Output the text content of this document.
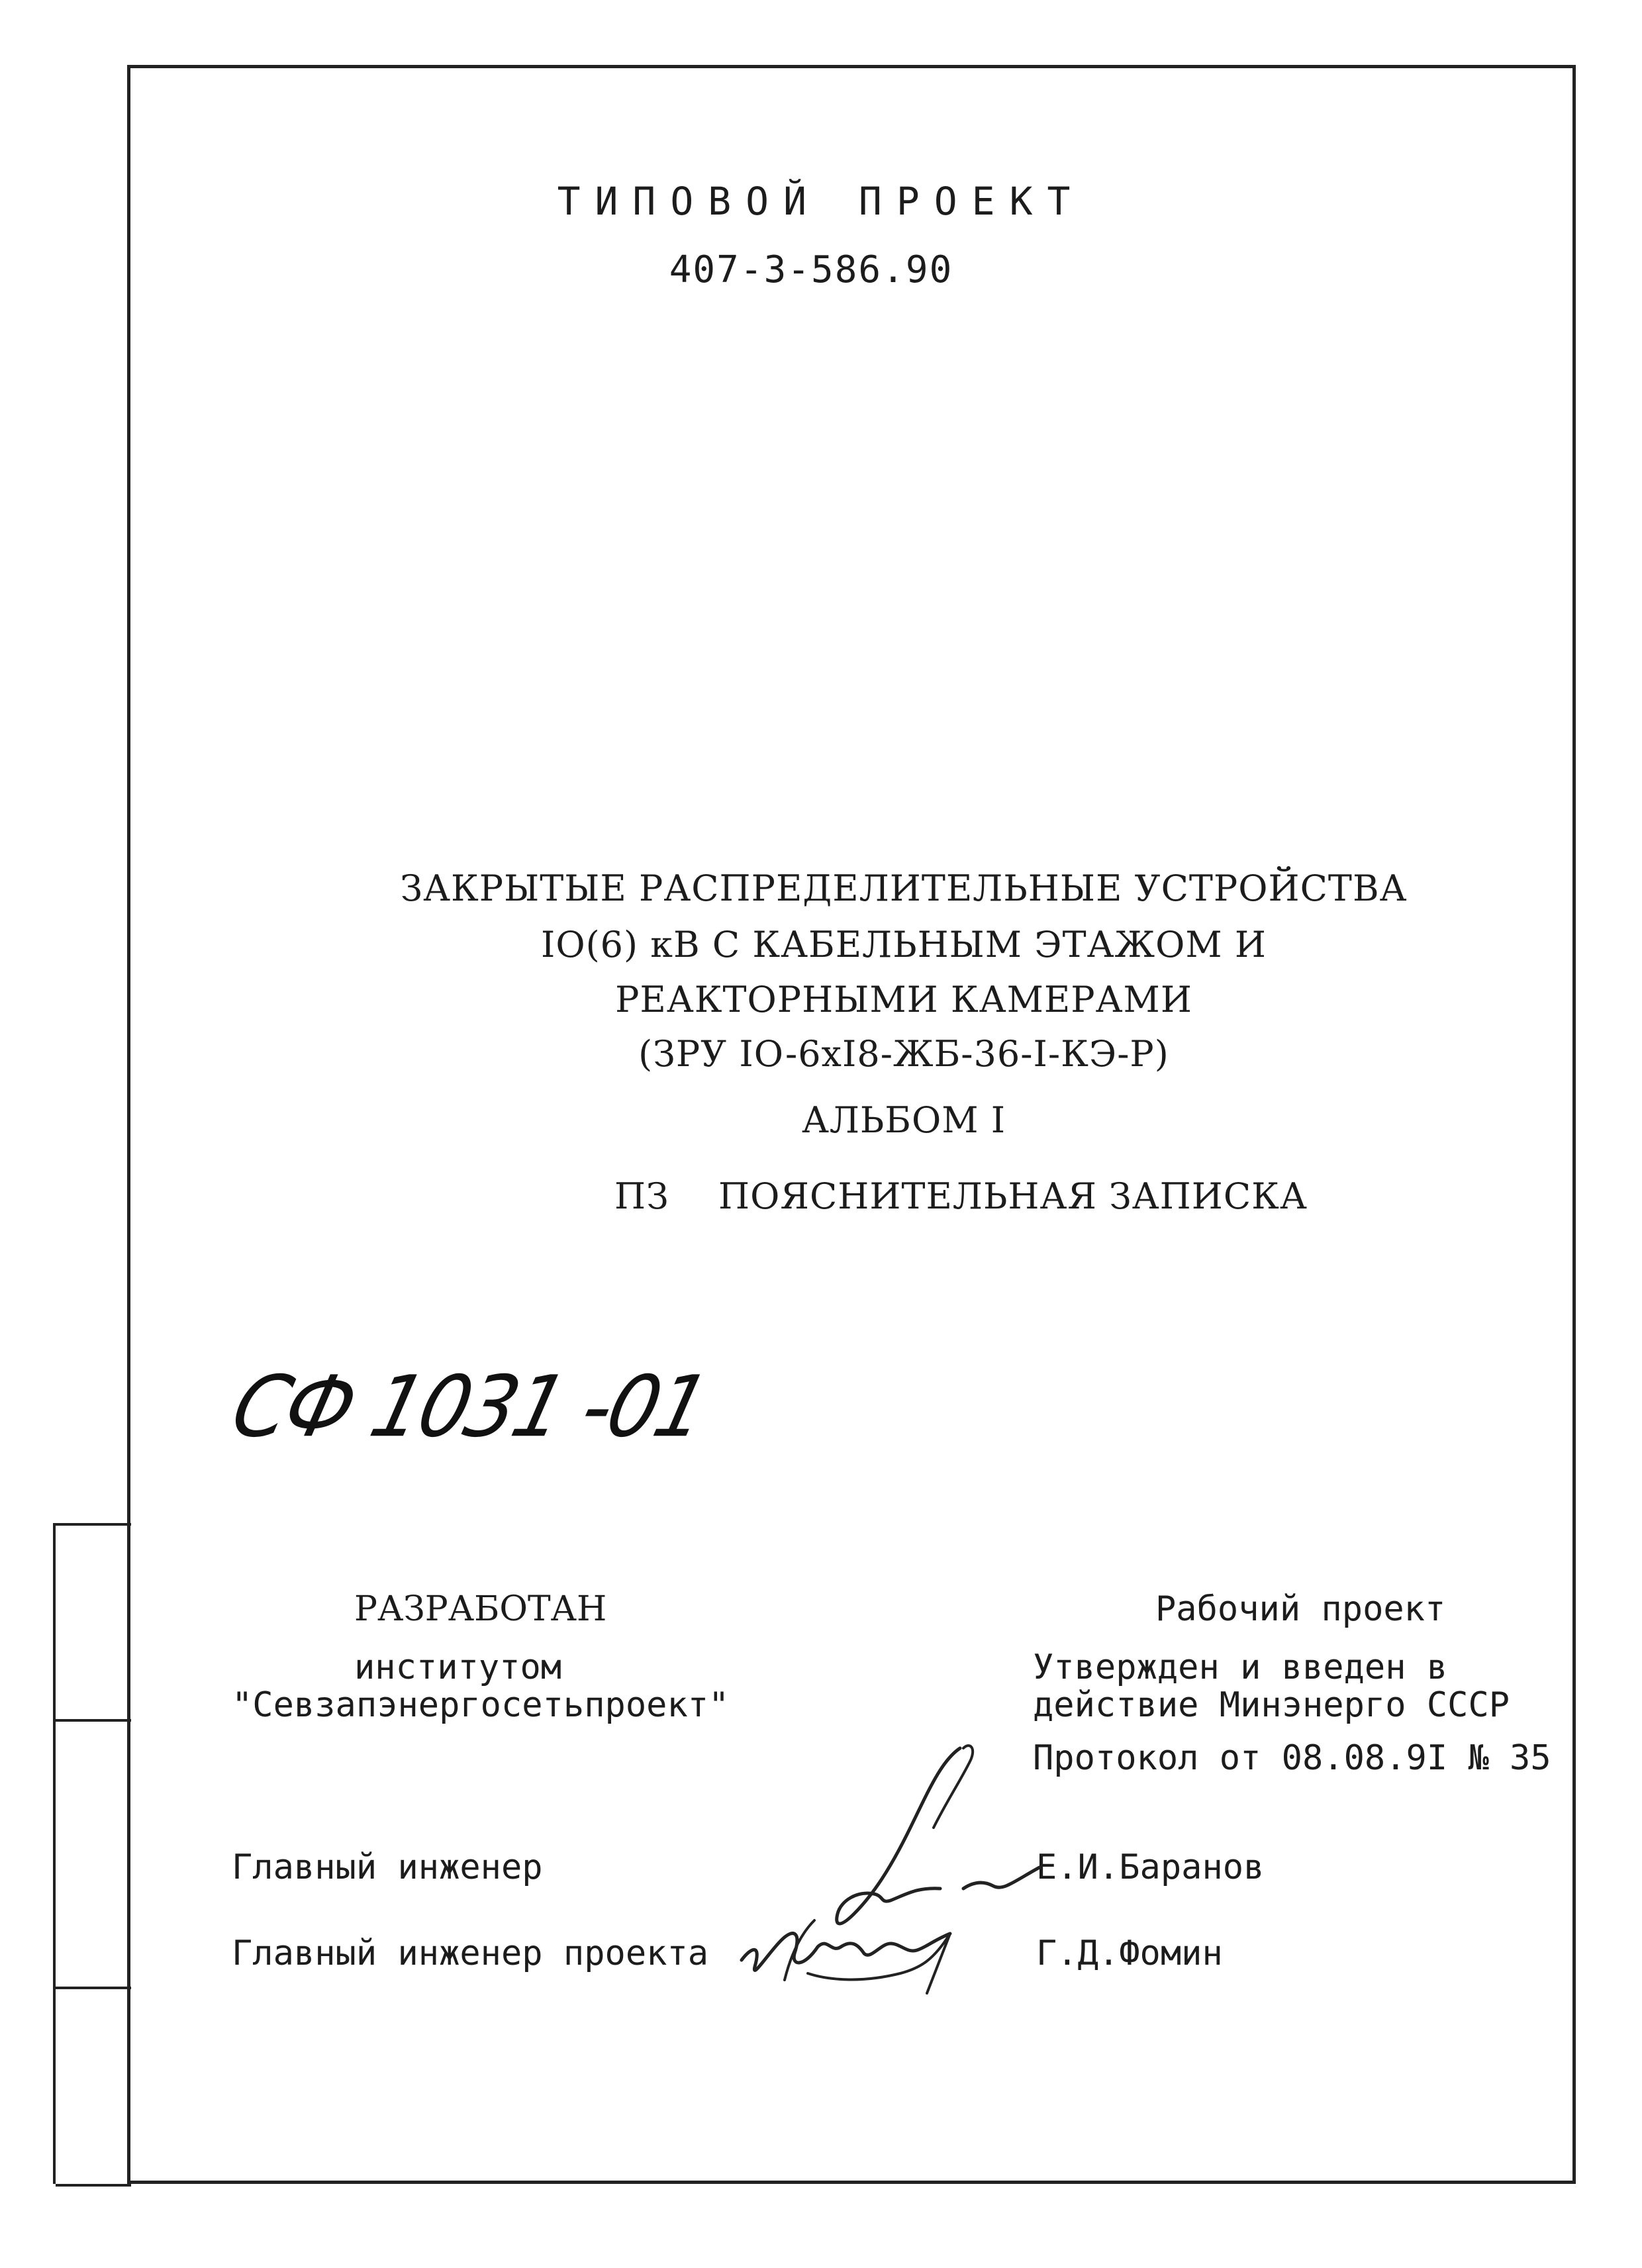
ТИПОВОЙ ПРОЕКТ
407-3-586.90
ЗАКРЫТЫЕ РАСПРЕДЕЛИТЕЛЬНЫЕ УСТРОЙСТВА
IO(6) кВ С КАБЕЛЬНЫМ ЭТАЖОМ И
РЕАКТОРНЫМИ КАМЕРАМИ
(ЗРУ IO-6хI8-ЖБ-36-I-КЭ-Р)
АЛЬБОМ I
ПЗ ПОЯСНИТЕЛЬНАЯ ЗАПИСКА
СФ 1031 -01
РАЗРАБОТАН
институтом
"Севзапэнергосетьпроект"
Рабочий проект
Утвержден и введен в
действие Минэнерго СССР
Протокол от 08.08.9I № 35
Главный инженер	Е.И.Баранов
Главный инженер проекта	Г.Д.Фомин
